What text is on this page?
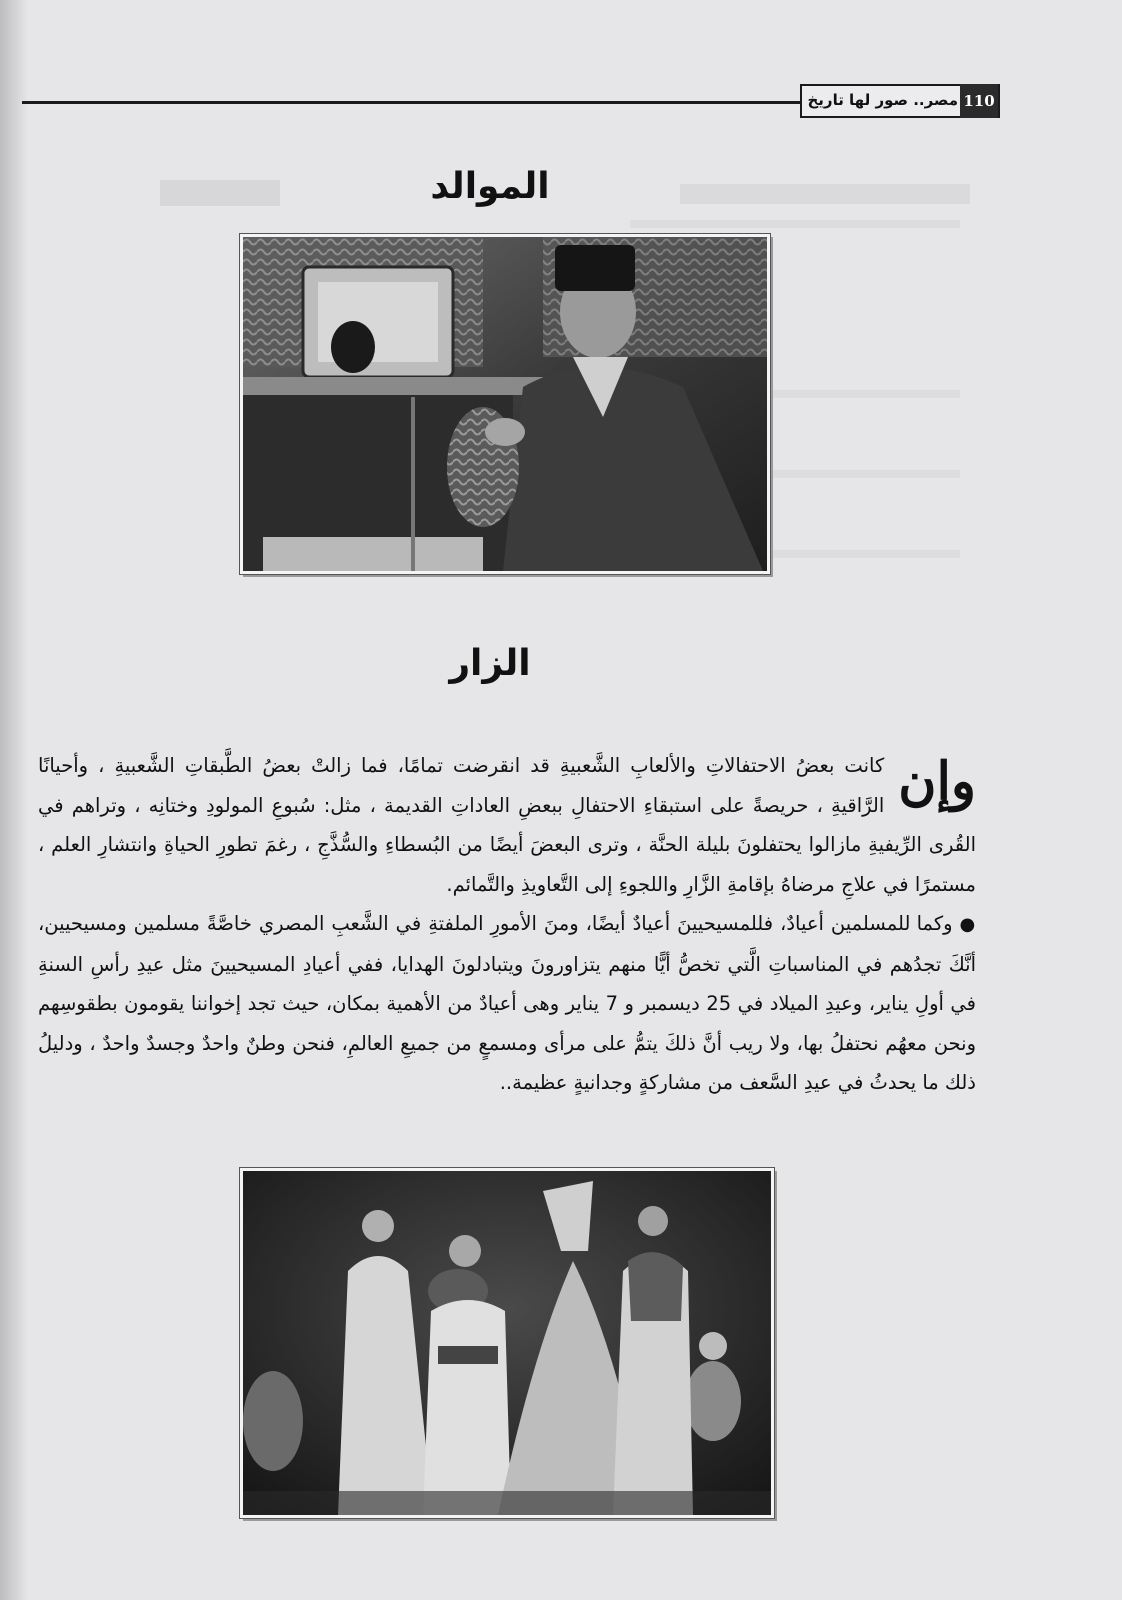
مصر.. صور لها تاريخ 110
الموالد
الزار
وإن

كانت بعضُ الاحتفالاتِ والألعابِ الشَّعبيةِ قد انقرضت تمامًا، فما زالتْ بعضُ الطَّبقاتِ الشَّعبيةِ ، وأحيانًا الرَّاقيةِ ، حريصةً على استبقاءِ الاحتفالِ ببعضِ العاداتِ القديمة ، مثل: سُبوعِ المولودِ وختانِه ، وتراهم في القُرى الرِّيفيةِ مازالوا يحتفلونَ بليلة الحنَّة ، وترى البعضَ أيضًا من البُسطاءِ والسُّذَّجِ ، رغمَ تطورِ الحياةِ وانتشارِ العلم ، مستمرًا في علاجِ مرضاهُ بإقامةِ الزَّارِ واللجوءِ إلى التَّعاويذِ والتَّمائم.

● وكما للمسلمين أعيادٌ، فللمسيحيينَ أعيادٌ أيضًا، ومنَ الأمورِ الملفتةِ في الشَّعبِ المصري خاصَّةً مسلمين ومسيحيين، أنَّكَ تجدُهم في المناسباتِ الَّتي تخصُّ أيًّا منهم يتزاورونَ ويتبادلونَ الهدايا، ففي أعيادِ المسيحيينَ مثل عيدِ رأسِ السنةِ في أولِ يناير، وعيدِ الميلاد في 25 ديسمبر و 7 يناير وهى أعيادٌ من الأهمية بمكان، حيث تجد إخواننا يقومون بطقوسِهم ونحن معهُم نحتفلُ بها، ولا ريب أنَّ ذلكَ يتمُّ على مرأى ومسمعٍ من جميعِ العالمِ، فنحن وطنٌ واحدٌ وجسدٌ واحدٌ ، ودليلُ ذلك ما يحدثُ في عيدِ السَّعف من مشاركةٍ وجدانيةٍ عظيمة..
